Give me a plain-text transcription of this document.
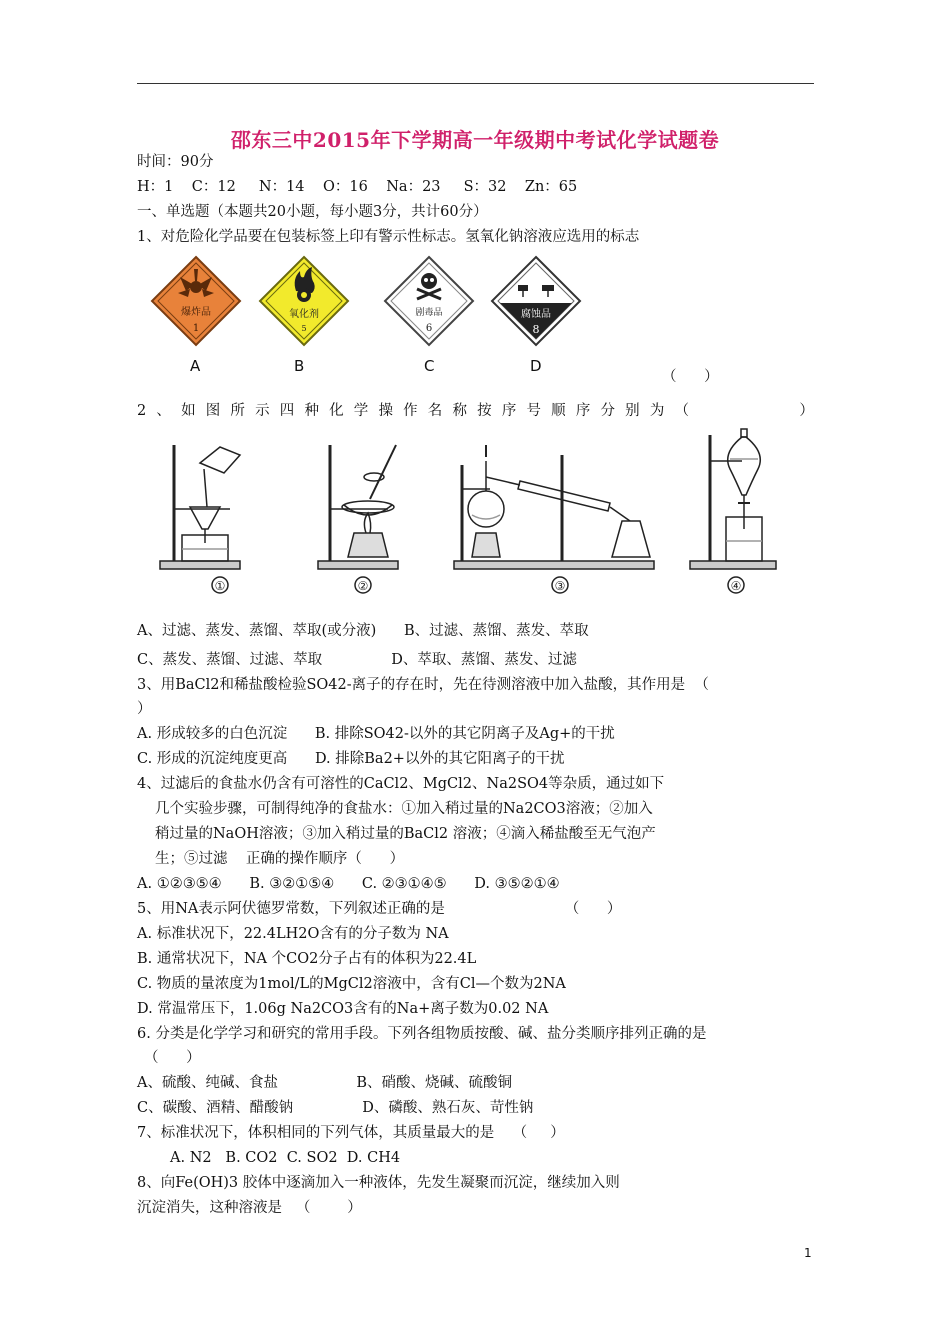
邵东三中2015年下学期高一年级期中考试化学试题卷
时间：90分
H：1    C：12     N：14    O：16    Na：23     S：32    Zn：65
一、单选题（本题共20小题，每小题3分，共计60分）
1、对危险化学品要在包装标签上印有警示性标志。氢氧化钠溶液应选用的标志
爆炸品
1
氧化剂
5
剧毒品
6
腐蚀品
8
A	B	C	D
（      ）
2 、 如 图 所 示 四 种 化 学 操 作 名 称 按 序 号 顺 序 分 别 为 （	）
①	②	③	④
A、过滤、蒸发、蒸馏、萃取(或分液)      B、过滤、蒸馏、蒸发、萃取
C、蒸发、蒸馏、过滤、萃取               D、萃取、蒸馏、蒸发、过滤
3、用BaCl2和稀盐酸检验SO42-离子的存在时，先在待测溶液中加入盐酸，其作用是  （
）
A. 形成较多的白色沉淀      B. 排除SO42-以外的其它阴离子及Ag+的干扰
C. 形成的沉淀纯度更高      D. 排除Ba2+以外的其它阳离子的干扰
4、过滤后的食盐水仍含有可溶性的CaCl2、MgCl2、Na2SO4等杂质，通过如下
几个实验步骤，可制得纯净的食盐水：①加入稍过量的Na2CO3溶液；②加入
稍过量的NaOH溶液；③加入稍过量的BaCl2 溶液；④滴入稀盐酸至无气泡产
生；⑤过滤    正确的操作顺序（      ）
A. ①②③⑤④      B. ③②①⑤④      C. ②③①④⑤      D. ③⑤②①④
5、用NA表示阿伏德罗常数，下列叙述正确的是                          （      ）
A. 标准状况下，22.4LH2O含有的分子数为 NA
B. 通常状况下，NA 个CO2分子占有的体积为22.4L
C. 物质的量浓度为1mol/L的MgCl2溶液中，含有Cl—个数为2NA
D. 常温常压下，1.06g Na2CO3含有的Na+离子数为0.02 NA
6. 分类是化学学习和研究的常用手段。下列各组物质按酸、碱、盐分类顺序排列正确的是
（      ）
A、硫酸、纯碱、食盐                 B、硝酸、烧碱、硫酸铜
C、碳酸、酒精、醋酸钠               D、磷酸、熟石灰、苛性钠
7、标准状况下，体积相同的下列气体，其质量最大的是    （     ）
A. N2   B. CO2  C. SO2  D. CH4
8、向Fe(OH)3 胶体中逐滴加入一种液体，先发生凝聚而沉淀，继续加入则
沉淀消失，这种溶液是   （        ）
1
